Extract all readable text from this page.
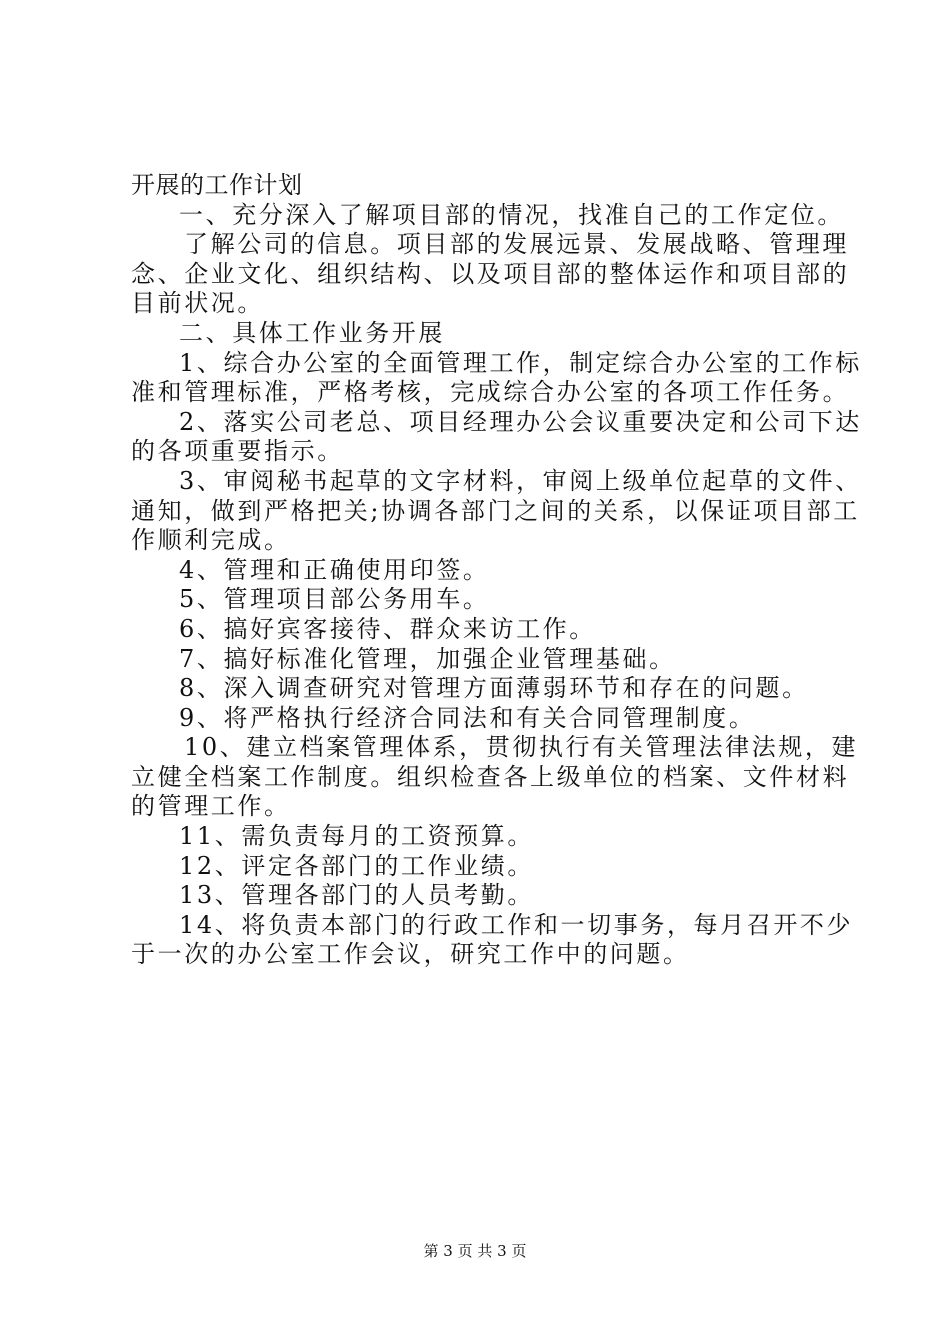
开展的工作计划
一、充分深入了解项目部的情况，找准自己的工作定位。
了解公司的信息。项目部的发展远景、发展战略、管理理
念、企业文化、组织结构、以及项目部的整体运作和项目部的
目前状况。
二、具体工作业务开展
1、综合办公室的全面管理工作，制定综合办公室的工作标
准和管理标准，严格考核，完成综合办公室的各项工作任务。
2、落实公司老总、项目经理办公会议重要决定和公司下达
的各项重要指示。
3、审阅秘书起草的文字材料，审阅上级单位起草的文件、
通知，做到严格把关;协调各部门之间的关系，以保证项目部工
作顺利完成。
4、管理和正确使用印签。
5、管理项目部公务用车。
6、搞好宾客接待、群众来访工作。
7、搞好标准化管理，加强企业管理基础。
8、深入调查研究对管理方面薄弱环节和存在的问题。
9、将严格执行经济合同法和有关合同管理制度。
10、建立档案管理体系，贯彻执行有关管理法律法规，建
立健全档案工作制度。组织检查各上级单位的档案、文件材料
的管理工作。
11、需负责每月的工资预算。
12、评定各部门的工作业绩。
13、管理各部门的人员考勤。
14、将负责本部门的行政工作和一切事务，每月召开不少
于一次的办公室工作会议，研究工作中的问题。
第 3 页 共 3 页
